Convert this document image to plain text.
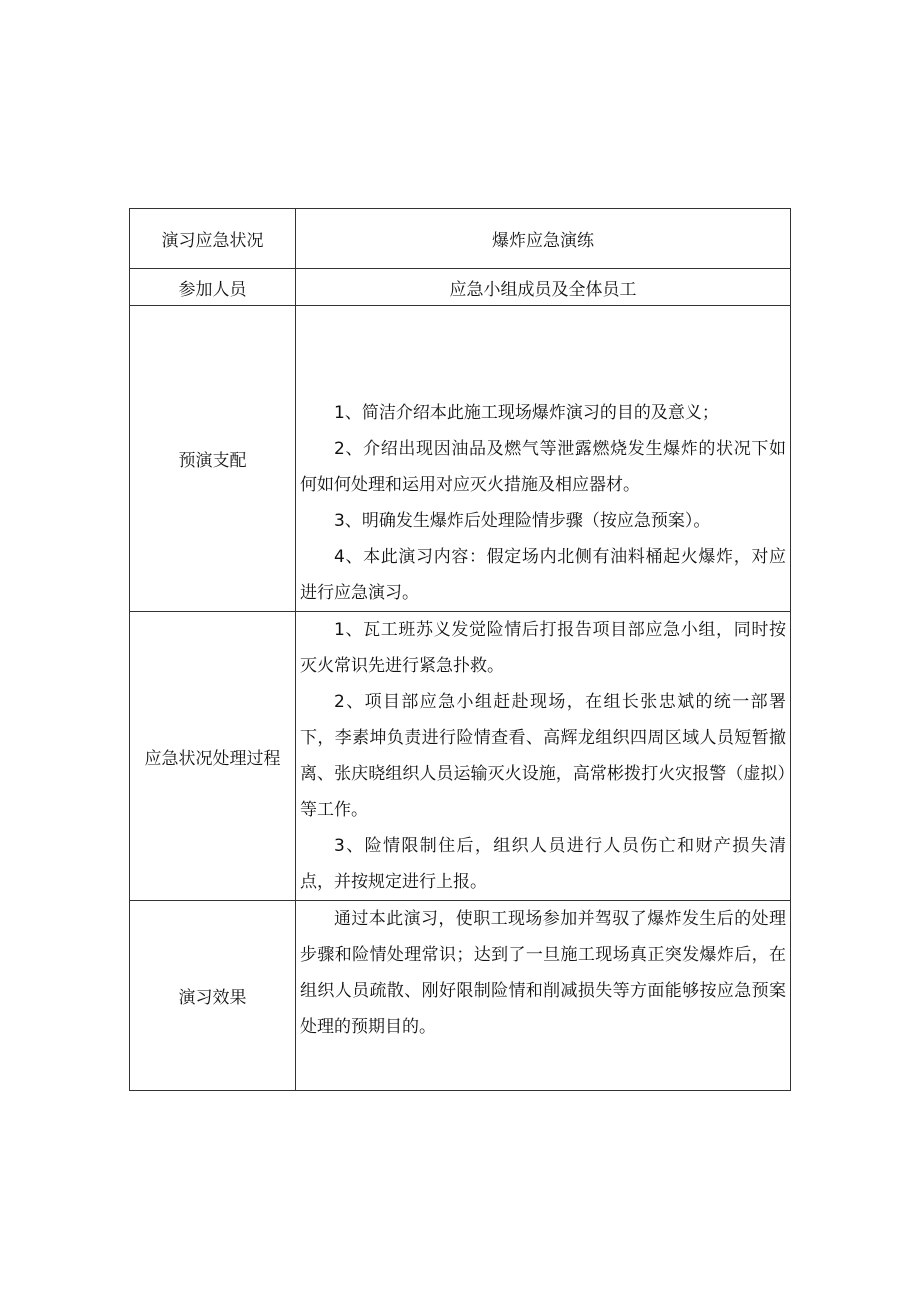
演习应急状况	爆炸应急演练
参加人员	应急小组成员及全体员工
预演支配	1、简洁介绍本此施工现场爆炸演习的目的及意义；

2、介绍出现因油品及燃气等泄露燃烧发生爆炸的状况下如何如何处理和运用对应灭火措施及相应器材。

3、明确发生爆炸后处理险情步骤（按应急预案）。

4、本此演习内容：假定场内北侧有油料桶起火爆炸，对应进行应急演习。

应急状况处理过程	1、瓦工班苏义发觉险情后打报告项目部应急小组，同时按灭火常识先进行紧急扑救。

2、项目部应急小组赶赴现场，在组长张忠斌的统一部署下，李素坤负责进行险情查看、高辉龙组织四周区域人员短暂撤离、张庆晓组织人员运输灭火设施，高常彬拨打火灾报警（虚拟）等工作。

3、险情限制住后，组织人员进行人员伤亡和财产损失清点，并按规定进行上报。

演习效果	通过本此演习，使职工现场参加并驾驭了爆炸发生后的处理步骤和险情处理常识；达到了一旦施工现场真正突发爆炸后，在组织人员疏散、刚好限制险情和削减损失等方面能够按应急预案处理的预期目的。
